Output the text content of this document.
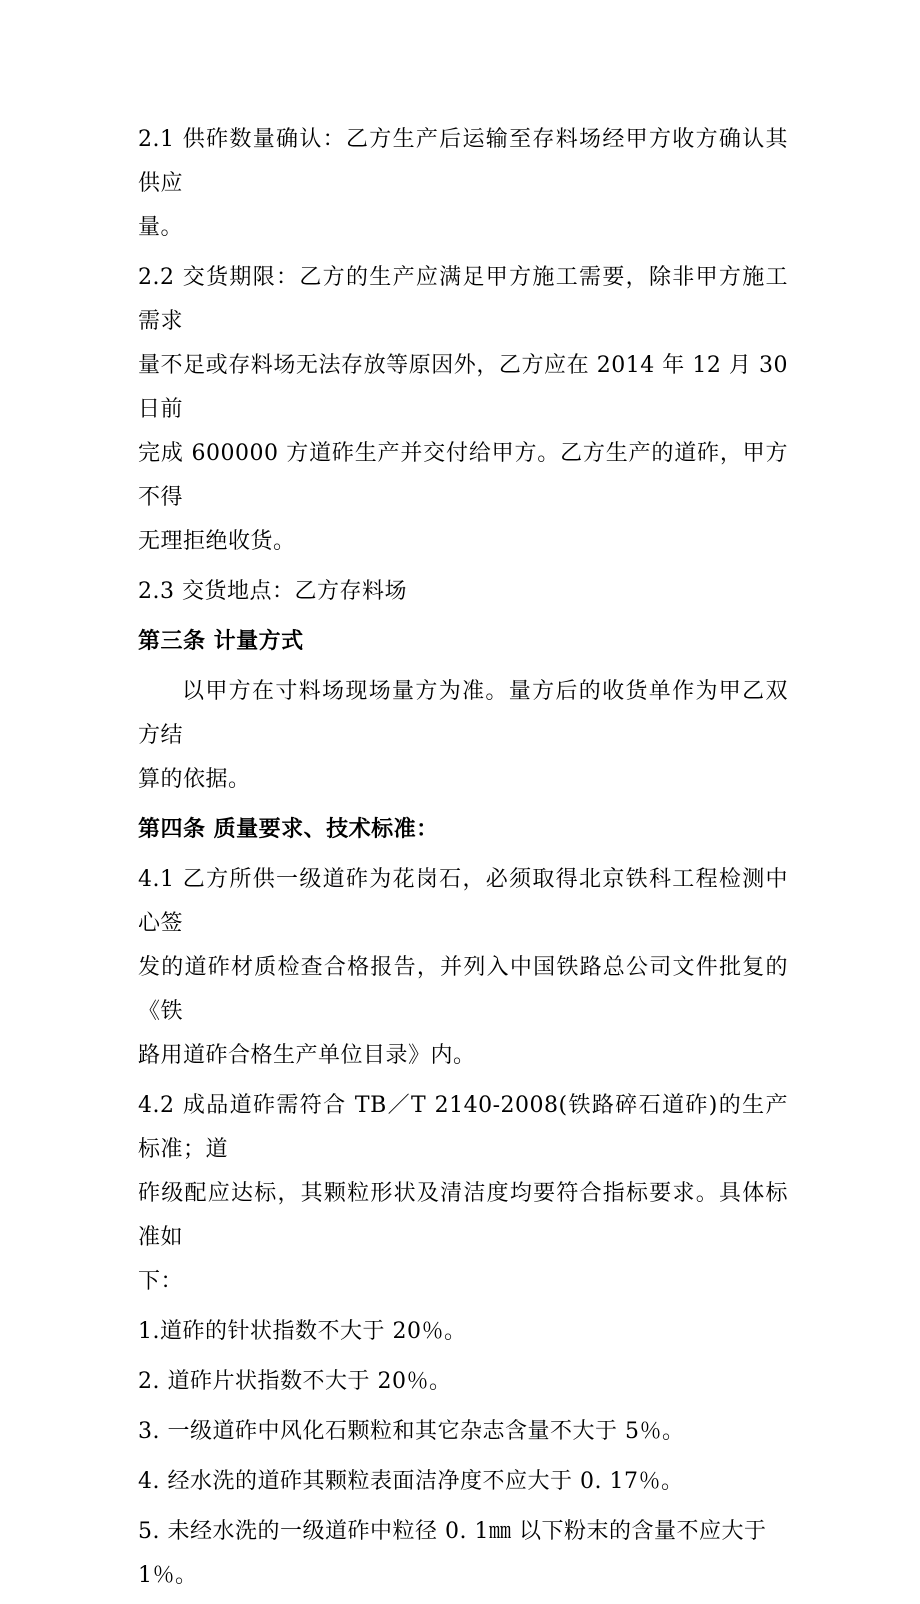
2.1 供砟数量确认：乙方生产后运输至存料场经甲方收方确认其供应
量。

2.2 交货期限：乙方的生产应满足甲方施工需要，除非甲方施工需求
量不足或存料场无法存放等原因外，乙方应在 2014 年 12 月 30 日前
完成 600000 方道砟生产并交付给甲方。乙方生产的道砟，甲方不得
无理拒绝收货。

2.3 交货地点：乙方存料场

第三条 计量方式

以甲方在寸料场现场量方为准。量方后的收货单作为甲乙双方结
算的依据。

第四条 质量要求、技术标准：

4.1 乙方所供一级道砟为花岗石，必须取得北京铁科工程检测中心签
发的道砟材质检查合格报告，并列入中国铁路总公司文件批复的《铁
路用道砟合格生产单位目录》内。

4.2 成品道砟需符合 TB／T 2140-2008(铁路碎石道砟)的生产标准；道
砟级配应达标，其颗粒形状及清洁度均要符合指标要求。具体标准如
下：

1.道砟的针状指数不大于 20％。

2. 道砟片状指数不大于 20％。

3. 一级道砟中风化石颗粒和其它杂志含量不大于 5％。

4. 经水洗的道砟其颗粒表面洁净度不应大于 0. 17％。

5. 未经水洗的一级道砟中粒径 0. 1㎜ 以下粉末的含量不应大于 1％。
